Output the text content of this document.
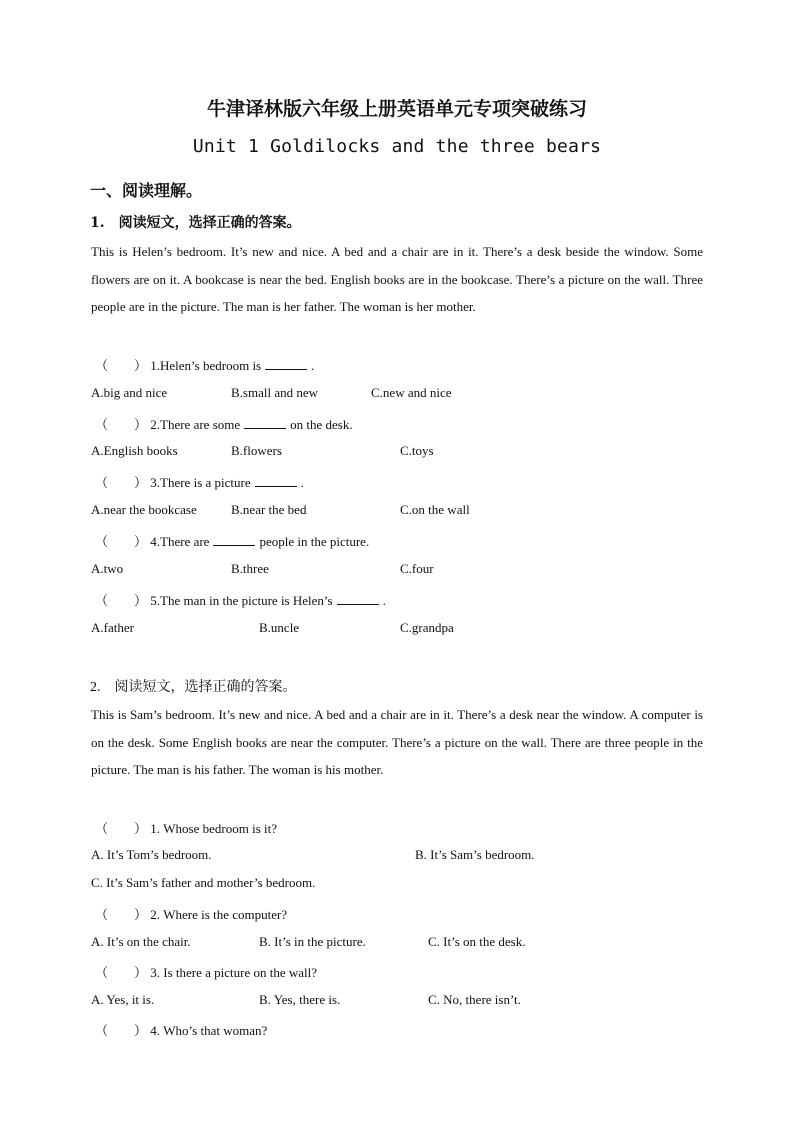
牛津译林版六年级上册英语单元专项突破练习
Unit 1 Goldilocks and the three bears
一、阅读理解。
1.　阅读短文，选择正确的答案。
This is Helen’s bedroom. It’s new and nice. A bed and a chair are in it. There’s a desk beside the window. Some flowers are on it. A bookcase is near the bed. English books are in the bookcase. There’s a picture on the wall. Three people are in the picture. The man is her father. The woman is her mother.
（　　） 1.Helen’s bedroom is	.
A.big and nice	B.small and new	C.new and nice
（　　） 2.There are some	on the desk.
A.English books	B.flowers	C.toys
（　　） 3.There is a picture	.
A.near the bookcase	B.near the bed	C.on the wall
（　　） 4.There are	people in the picture.
A.two	B.three	C.four
（　　） 5.The man in the picture is Helen’s	.
A.father	B.uncle	C.grandpa
2.　阅读短文，选择正确的答案。
This is Sam’s bedroom. It’s new and nice. A bed and a chair are in it. There’s a desk near the window. A computer is on the desk. Some English books are near the computer. There’s a picture on the wall. There are three people in the picture. The man is his father. The woman is his mother.
（　　） 1. Whose bedroom is it?
A. It’s Tom’s bedroom.	B. It’s Sam’s bedroom.
C. It’s Sam’s father and mother’s bedroom.
（　　） 2. Where is the computer?
A. It’s on the chair.	B. It’s in the picture.	C. It’s on the desk.
（　　） 3. Is there a picture on the wall?
A. Yes, it is.	B. Yes, there is.	C. No, there isn’t.
（　　） 4. Who’s that woman?
